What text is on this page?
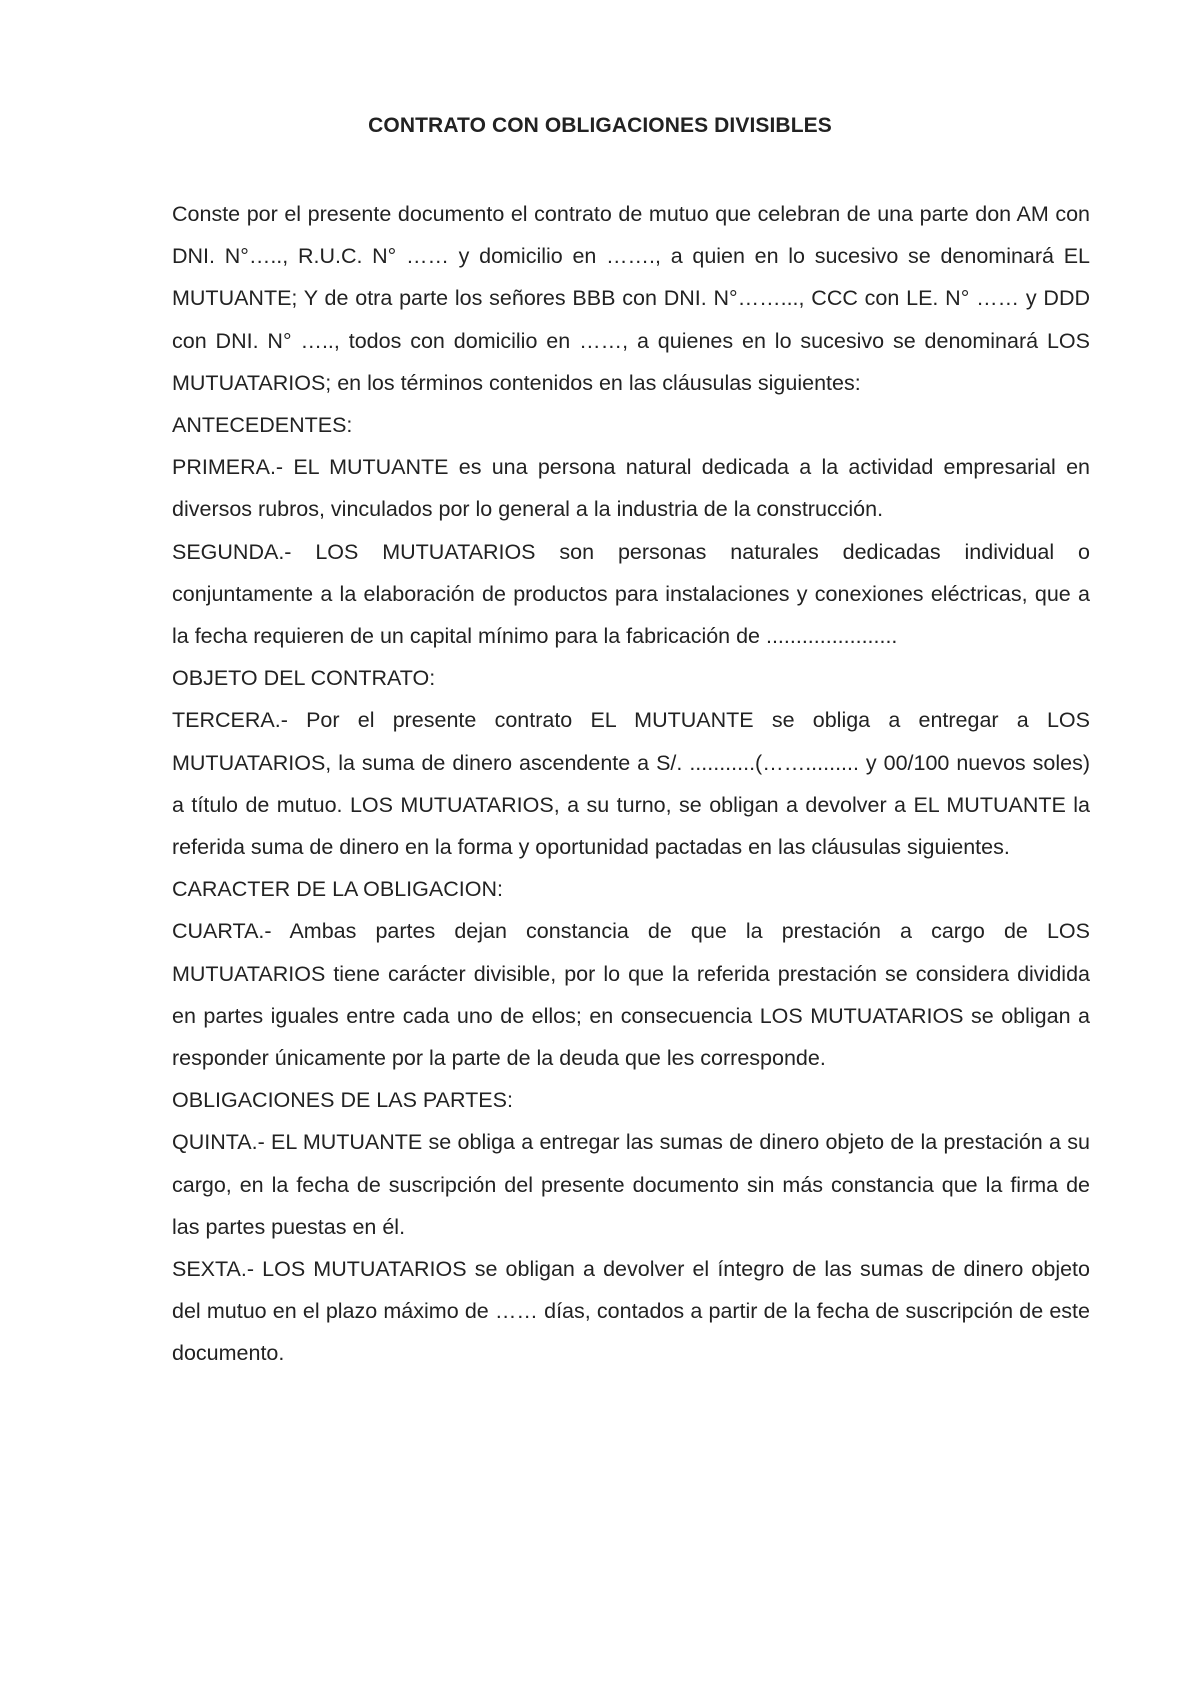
CONTRATO CON OBLIGACIONES DIVISIBLES

Conste por el presente documento el contrato de mutuo que celebran de una parte don AM con DNI. N°….., R.U.C. N° …… y domicilio en ……., a quien en lo sucesivo se denominará EL MUTUANTE; Y de otra parte los señores BBB con DNI. N°……..., CCC con LE. N° …… y DDD con DNI. N° ….., todos con domicilio en ……, a quienes en lo sucesivo se denominará LOS MUTUATARIOS; en los términos contenidos en las cláusulas siguientes:

ANTECEDENTES:

PRIMERA.- EL MUTUANTE es una persona natural dedicada a la actividad empresarial en diversos rubros, vinculados por lo general a la industria de la construcción.

SEGUNDA.- LOS MUTUATARIOS son personas naturales dedicadas individual o conjuntamente a la elaboración de productos para instalaciones y conexiones eléctricas, que a la fecha requieren de un capital mínimo para la fabricación de ......................

OBJETO DEL CONTRATO:

TERCERA.- Por el presente contrato EL MUTUANTE se obliga a entregar a LOS MUTUATARIOS, la suma de dinero ascendente a S/. ...........(……......... y 00/100 nuevos soles) a título de mutuo. LOS MUTUATARIOS, a su turno, se obligan a devolver a EL MUTUANTE la referida suma de dinero en la forma y oportunidad pactadas en las cláusulas siguientes.

CARACTER DE LA OBLIGACION:

CUARTA.- Ambas partes dejan constancia de que la prestación a cargo de LOS MUTUATARIOS tiene carácter divisible, por lo que la referida prestación se considera dividida en partes iguales entre cada uno de ellos; en consecuencia LOS MUTUATARIOS se obligan a responder únicamente por la parte de la deuda que les corresponde.

OBLIGACIONES DE LAS PARTES:

QUINTA.- EL MUTUANTE se obliga a entregar las sumas de dinero objeto de la prestación a su cargo, en la fecha de suscripción del presente documento sin más constancia que la firma de las partes puestas en él.

SEXTA.- LOS MUTUATARIOS se obligan a devolver el íntegro de las sumas de dinero objeto del mutuo en el plazo máximo de …… días, contados a partir de la fecha de suscripción de este documento.
